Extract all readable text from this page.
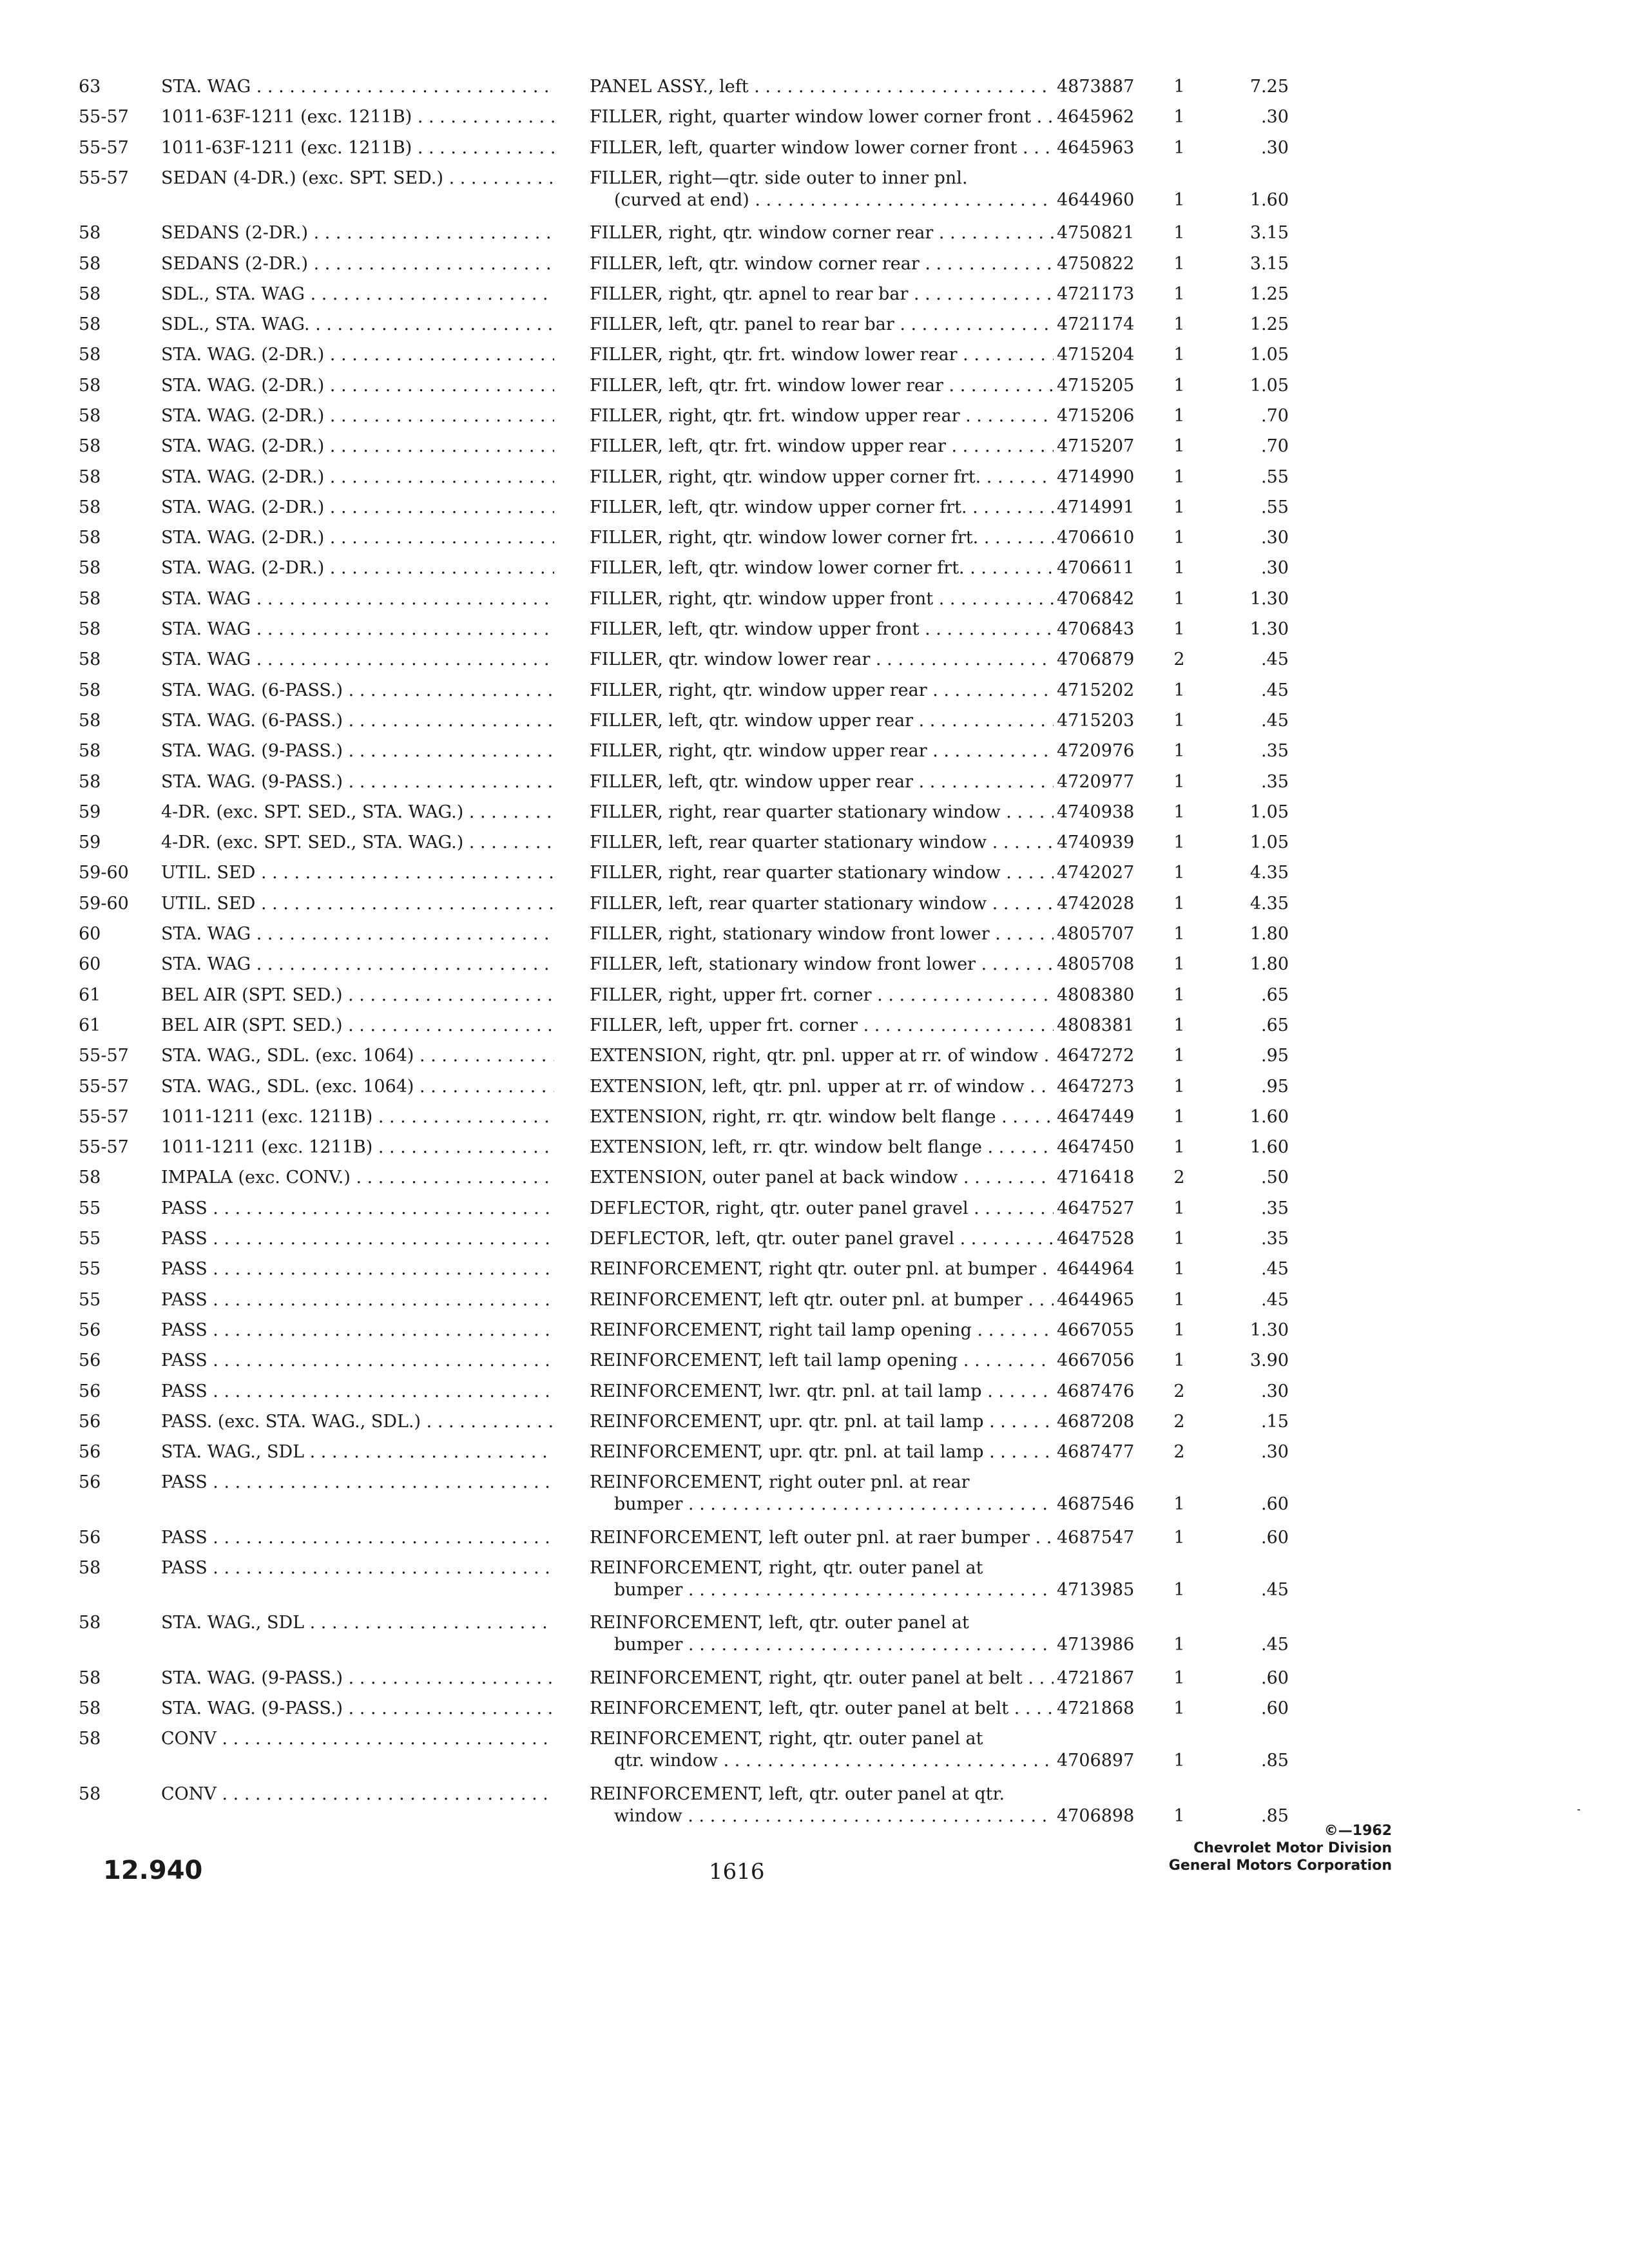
63	STA. WAG . . .	PANEL ASSY., left . . .	4873887	1	7.25
55-57	1011-63F-1211 (exc. 1211B) . . .	FILLER, right, quarter window lower corner front . . .	4645962	1	.30
55-57	1011-63F-1211 (exc. 1211B) . . .	FILLER, left, quarter window lower corner front . . .	4645963	1	.30
55-57	SEDAN (4-DR.) (exc. SPT. SED.) . . .	FILLER, right—qtr. side outer to inner pnl.
(curved at end) . . .	4644960	1	1.60
58	SEDANS (2-DR.) . . .	FILLER, right, qtr. window corner rear . . .	4750821	1	3.15
58	SEDANS (2-DR.) . . .	FILLER, left, qtr. window corner rear . . .	4750822	1	3.15
58	SDL., STA. WAG . . .	FILLER, right, qtr. apnel to rear bar . . .	4721173	1	1.25
58	SDL., STA. WAG. . . .	FILLER, left, qtr. panel to rear bar . . .	4721174	1	1.25
58	STA. WAG. (2-DR.) . . .	FILLER, right, qtr. frt. window lower rear . . .	4715204	1	1.05
58	STA. WAG. (2-DR.) . . .	FILLER, left, qtr. frt. window lower rear . . .	4715205	1	1.05
58	STA. WAG. (2-DR.) . . .	FILLER, right, qtr. frt. window upper rear . . .	4715206	1	.70
58	STA. WAG. (2-DR.) . . .	FILLER, left, qtr. frt. window upper rear . . .	4715207	1	.70
58	STA. WAG. (2-DR.) . . .	FILLER, right, qtr. window upper corner frt. . . .	4714990	1	.55
58	STA. WAG. (2-DR.) . . .	FILLER, left, qtr. window upper corner frt. . . .	4714991	1	.55
58	STA. WAG. (2-DR.) . . .	FILLER, right, qtr. window lower corner frt. . . .	4706610	1	.30
58	STA. WAG. (2-DR.) . . .	FILLER, left, qtr. window lower corner frt. . . .	4706611	1	.30
58	STA. WAG . . .	FILLER, right, qtr. window upper front . . .	4706842	1	1.30
58	STA. WAG . . .	FILLER, left, qtr. window upper front . . .	4706843	1	1.30
58	STA. WAG . . .	FILLER, qtr. window lower rear . . .	4706879	2	.45
58	STA. WAG. (6-PASS.) . . .	FILLER, right, qtr. window upper rear . . .	4715202	1	.45
58	STA. WAG. (6-PASS.) . . .	FILLER, left, qtr. window upper rear . . .	4715203	1	.45
58	STA. WAG. (9-PASS.) . . .	FILLER, right, qtr. window upper rear . . .	4720976	1	.35
58	STA. WAG. (9-PASS.) . . .	FILLER, left, qtr. window upper rear . . .	4720977	1	.35
59	4-DR. (exc. SPT. SED., STA. WAG.) . . .	FILLER, right, rear quarter stationary window . . .	4740938	1	1.05
59	4-DR. (exc. SPT. SED., STA. WAG.) . . .	FILLER, left, rear quarter stationary window . . .	4740939	1	1.05
59-60	UTIL. SED . . .	FILLER, right, rear quarter stationary window . . .	4742027	1	4.35
59-60	UTIL. SED . . .	FILLER, left, rear quarter stationary window . . .	4742028	1	4.35
60	STA. WAG . . .	FILLER, right, stationary window front lower . . .	4805707	1	1.80
60	STA. WAG . . .	FILLER, left, stationary window front lower . . .	4805708	1	1.80
61	BEL AIR (SPT. SED.) . . .	FILLER, right, upper frt. corner . . .	4808380	1	.65
61	BEL AIR (SPT. SED.) . . .	FILLER, left, upper frt. corner . . .	4808381	1	.65
55-57	STA. WAG., SDL. (exc. 1064) . . .	EXTENSION, right, qtr. pnl. upper at rr. of window . . .	4647272	1	.95
55-57	STA. WAG., SDL. (exc. 1064) . . .	EXTENSION, left, qtr. pnl. upper at rr. of window . . .	4647273	1	.95
55-57	1011-1211 (exc. 1211B) . . .	EXTENSION, right, rr. qtr. window belt flange . . .	4647449	1	1.60
55-57	1011-1211 (exc. 1211B) . . .	EXTENSION, left, rr. qtr. window belt flange . . .	4647450	1	1.60
58	IMPALA (exc. CONV.) . . .	EXTENSION, outer panel at back window . . .	4716418	2	.50
55	PASS . . .	DEFLECTOR, right, qtr. outer panel gravel . . .	4647527	1	.35
55	PASS . . .	DEFLECTOR, left, qtr. outer panel gravel . . .	4647528	1	.35
55	PASS . . .	REINFORCEMENT, right qtr. outer pnl. at bumper . . .	4644964	1	.45
55	PASS . . .	REINFORCEMENT, left qtr. outer pnl. at bumper . . .	4644965	1	.45
56	PASS . . .	REINFORCEMENT, right tail lamp opening . . .	4667055	1	1.30
56	PASS . . .	REINFORCEMENT, left tail lamp opening . . .	4667056	1	3.90
56	PASS . . .	REINFORCEMENT, lwr. qtr. pnl. at tail lamp . . .	4687476	2	.30
56	PASS. (exc. STA. WAG., SDL.) . . .	REINFORCEMENT, upr. qtr. pnl. at tail lamp . . .	4687208	2	.15
56	STA. WAG., SDL . . .	REINFORCEMENT, upr. qtr. pnl. at tail lamp . . .	4687477	2	.30
56	PASS . . .	REINFORCEMENT, right outer pnl. at rear
bumper . . .	4687546	1	.60
56	PASS . . .	REINFORCEMENT, left outer pnl. at raer bumper . . .	4687547	1	.60
58	PASS . . .	REINFORCEMENT, right, qtr. outer panel at
bumper . . .	4713985	1	.45
58	STA. WAG., SDL . . .	REINFORCEMENT, left, qtr. outer panel at
bumper . . .	4713986	1	.45
58	STA. WAG. (9-PASS.) . . .	REINFORCEMENT, right, qtr. outer panel at belt . . .	4721867	1	.60
58	STA. WAG. (9-PASS.) . . .	REINFORCEMENT, left, qtr. outer panel at belt . . .	4721868	1	.60
58	CONV . . .	REINFORCEMENT, right, qtr. outer panel at
qtr. window . . .	4706897	1	.85
58	CONV . . .	REINFORCEMENT, left, qtr. outer panel at qtr.
window . . .	4706898	1	.85
12.940	1616
©—1962
Chevrolet Motor Division
General Motors Corporation
